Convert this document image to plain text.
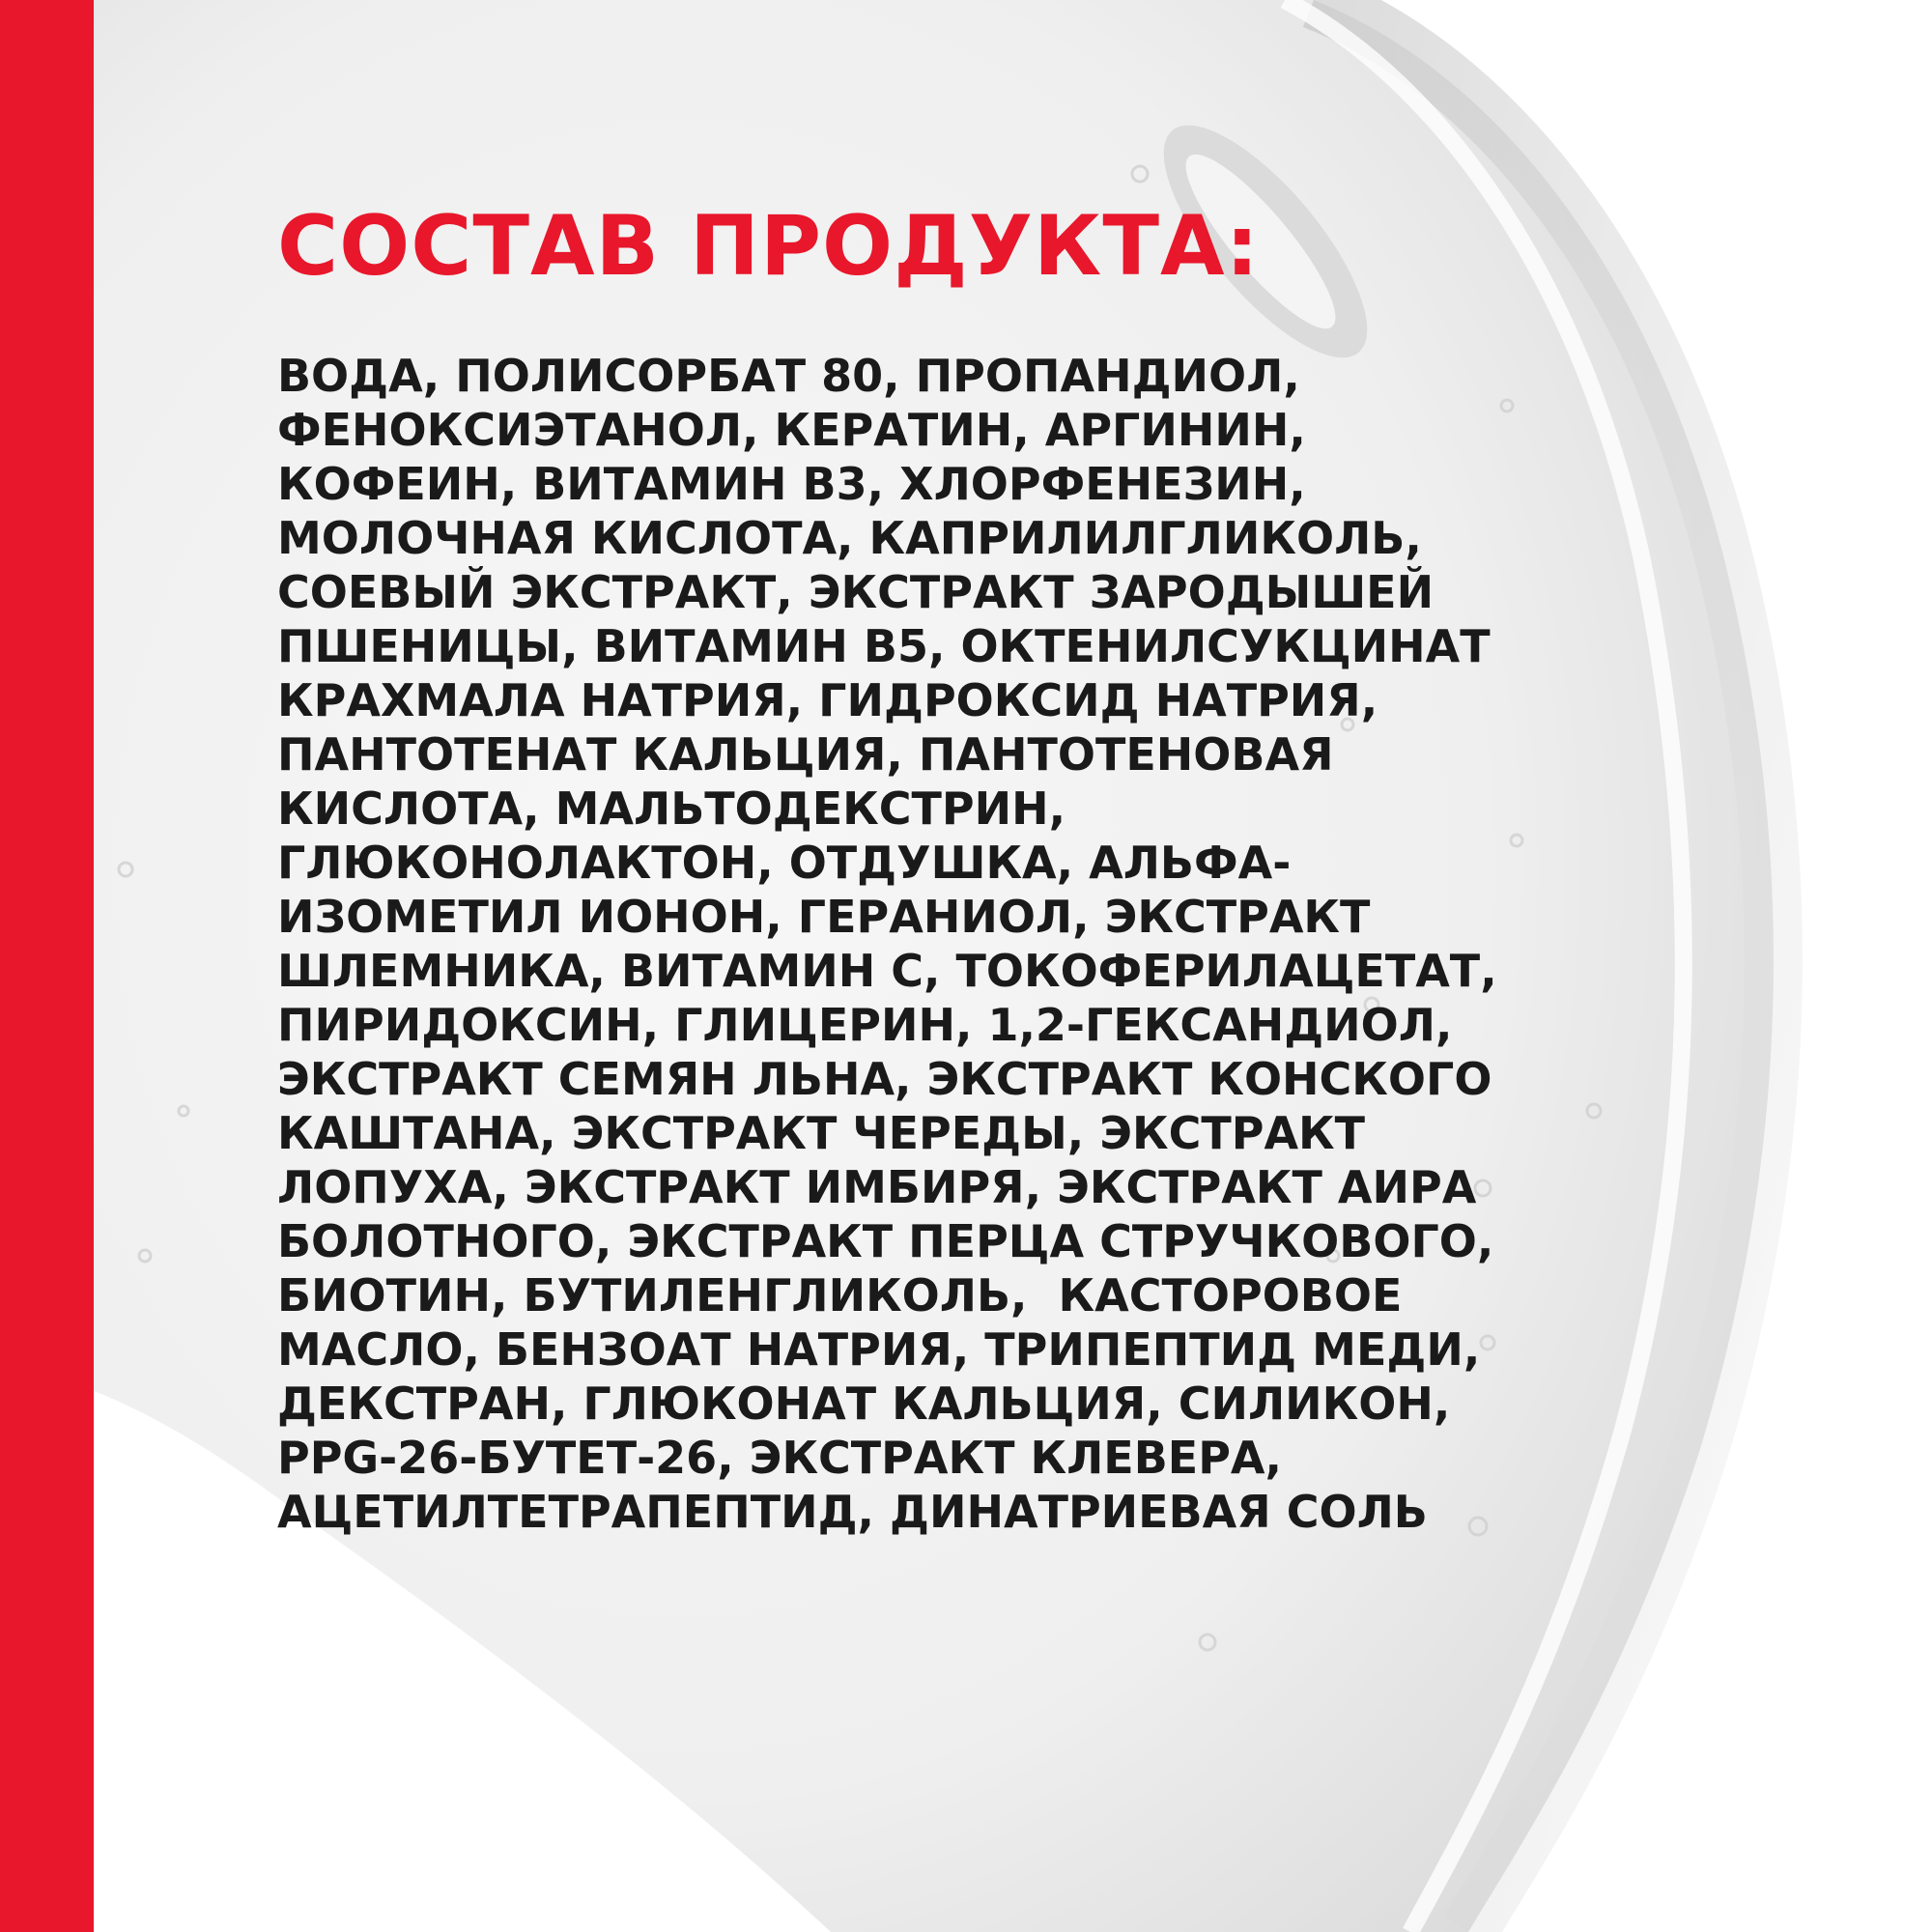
СОСТАВ ПРОДУКТА:
ВОДА, ПОЛИСОРБАТ 80, ПРОПАНДИОЛ,
ФЕНОКСИЭТАНОЛ, КЕРАТИН, АРГИНИН,
КОФЕИН, ВИТАМИН B3, ХЛОРФЕНЕЗИН,
МОЛОЧНАЯ КИСЛОТА, КАПРИЛИЛГЛИКОЛЬ,
СОЕВЫЙ ЭКСТРАКТ, ЭКСТРАКТ ЗАРОДЫШЕЙ
ПШЕНИЦЫ, ВИТАМИН B5, ОКТЕНИЛСУКЦИНАТ
КРАХМАЛА НАТРИЯ, ГИДРОКСИД НАТРИЯ,
ПАНТОТЕНАТ КАЛЬЦИЯ, ПАНТОТЕНОВАЯ
КИСЛОТА, МАЛЬТОДЕКСТРИН,
ГЛЮКОНОЛАКТОН, ОТДУШКА, АЛЬФА-
ИЗОМЕТИЛ ИОНОН, ГЕРАНИОЛ, ЭКСТРАКТ
ШЛЕМНИКА, ВИТАМИН С, ТОКОФЕРИЛАЦЕТАТ,
ПИРИДОКСИН, ГЛИЦЕРИН, 1,2-ГЕКСАНДИОЛ,
ЭКСТРАКТ СЕМЯН ЛЬНА, ЭКСТРАКТ КОНСКОГО
КАШТАНА, ЭКСТРАКТ ЧЕРЕДЫ, ЭКСТРАКТ
ЛОПУХА, ЭКСТРАКТ ИМБИРЯ, ЭКСТРАКТ АИРА
БОЛОТНОГО, ЭКСТРАКТ ПЕРЦА СТРУЧКОВОГО,
БИОТИН, БУТИЛЕНГЛИКОЛЬ,  КАСТОРОВОЕ
МАСЛО, БЕНЗОАТ НАТРИЯ, ТРИПЕПТИД МЕДИ,
ДЕКСТРАН, ГЛЮКОНАТ КАЛЬЦИЯ, СИЛИКОН,
PPG-26-БУТЕТ-26, ЭКСТРАКТ КЛЕВЕРА,
АЦЕТИЛТЕТРАПЕПТИД, ДИНАТРИЕВАЯ СОЛЬ
